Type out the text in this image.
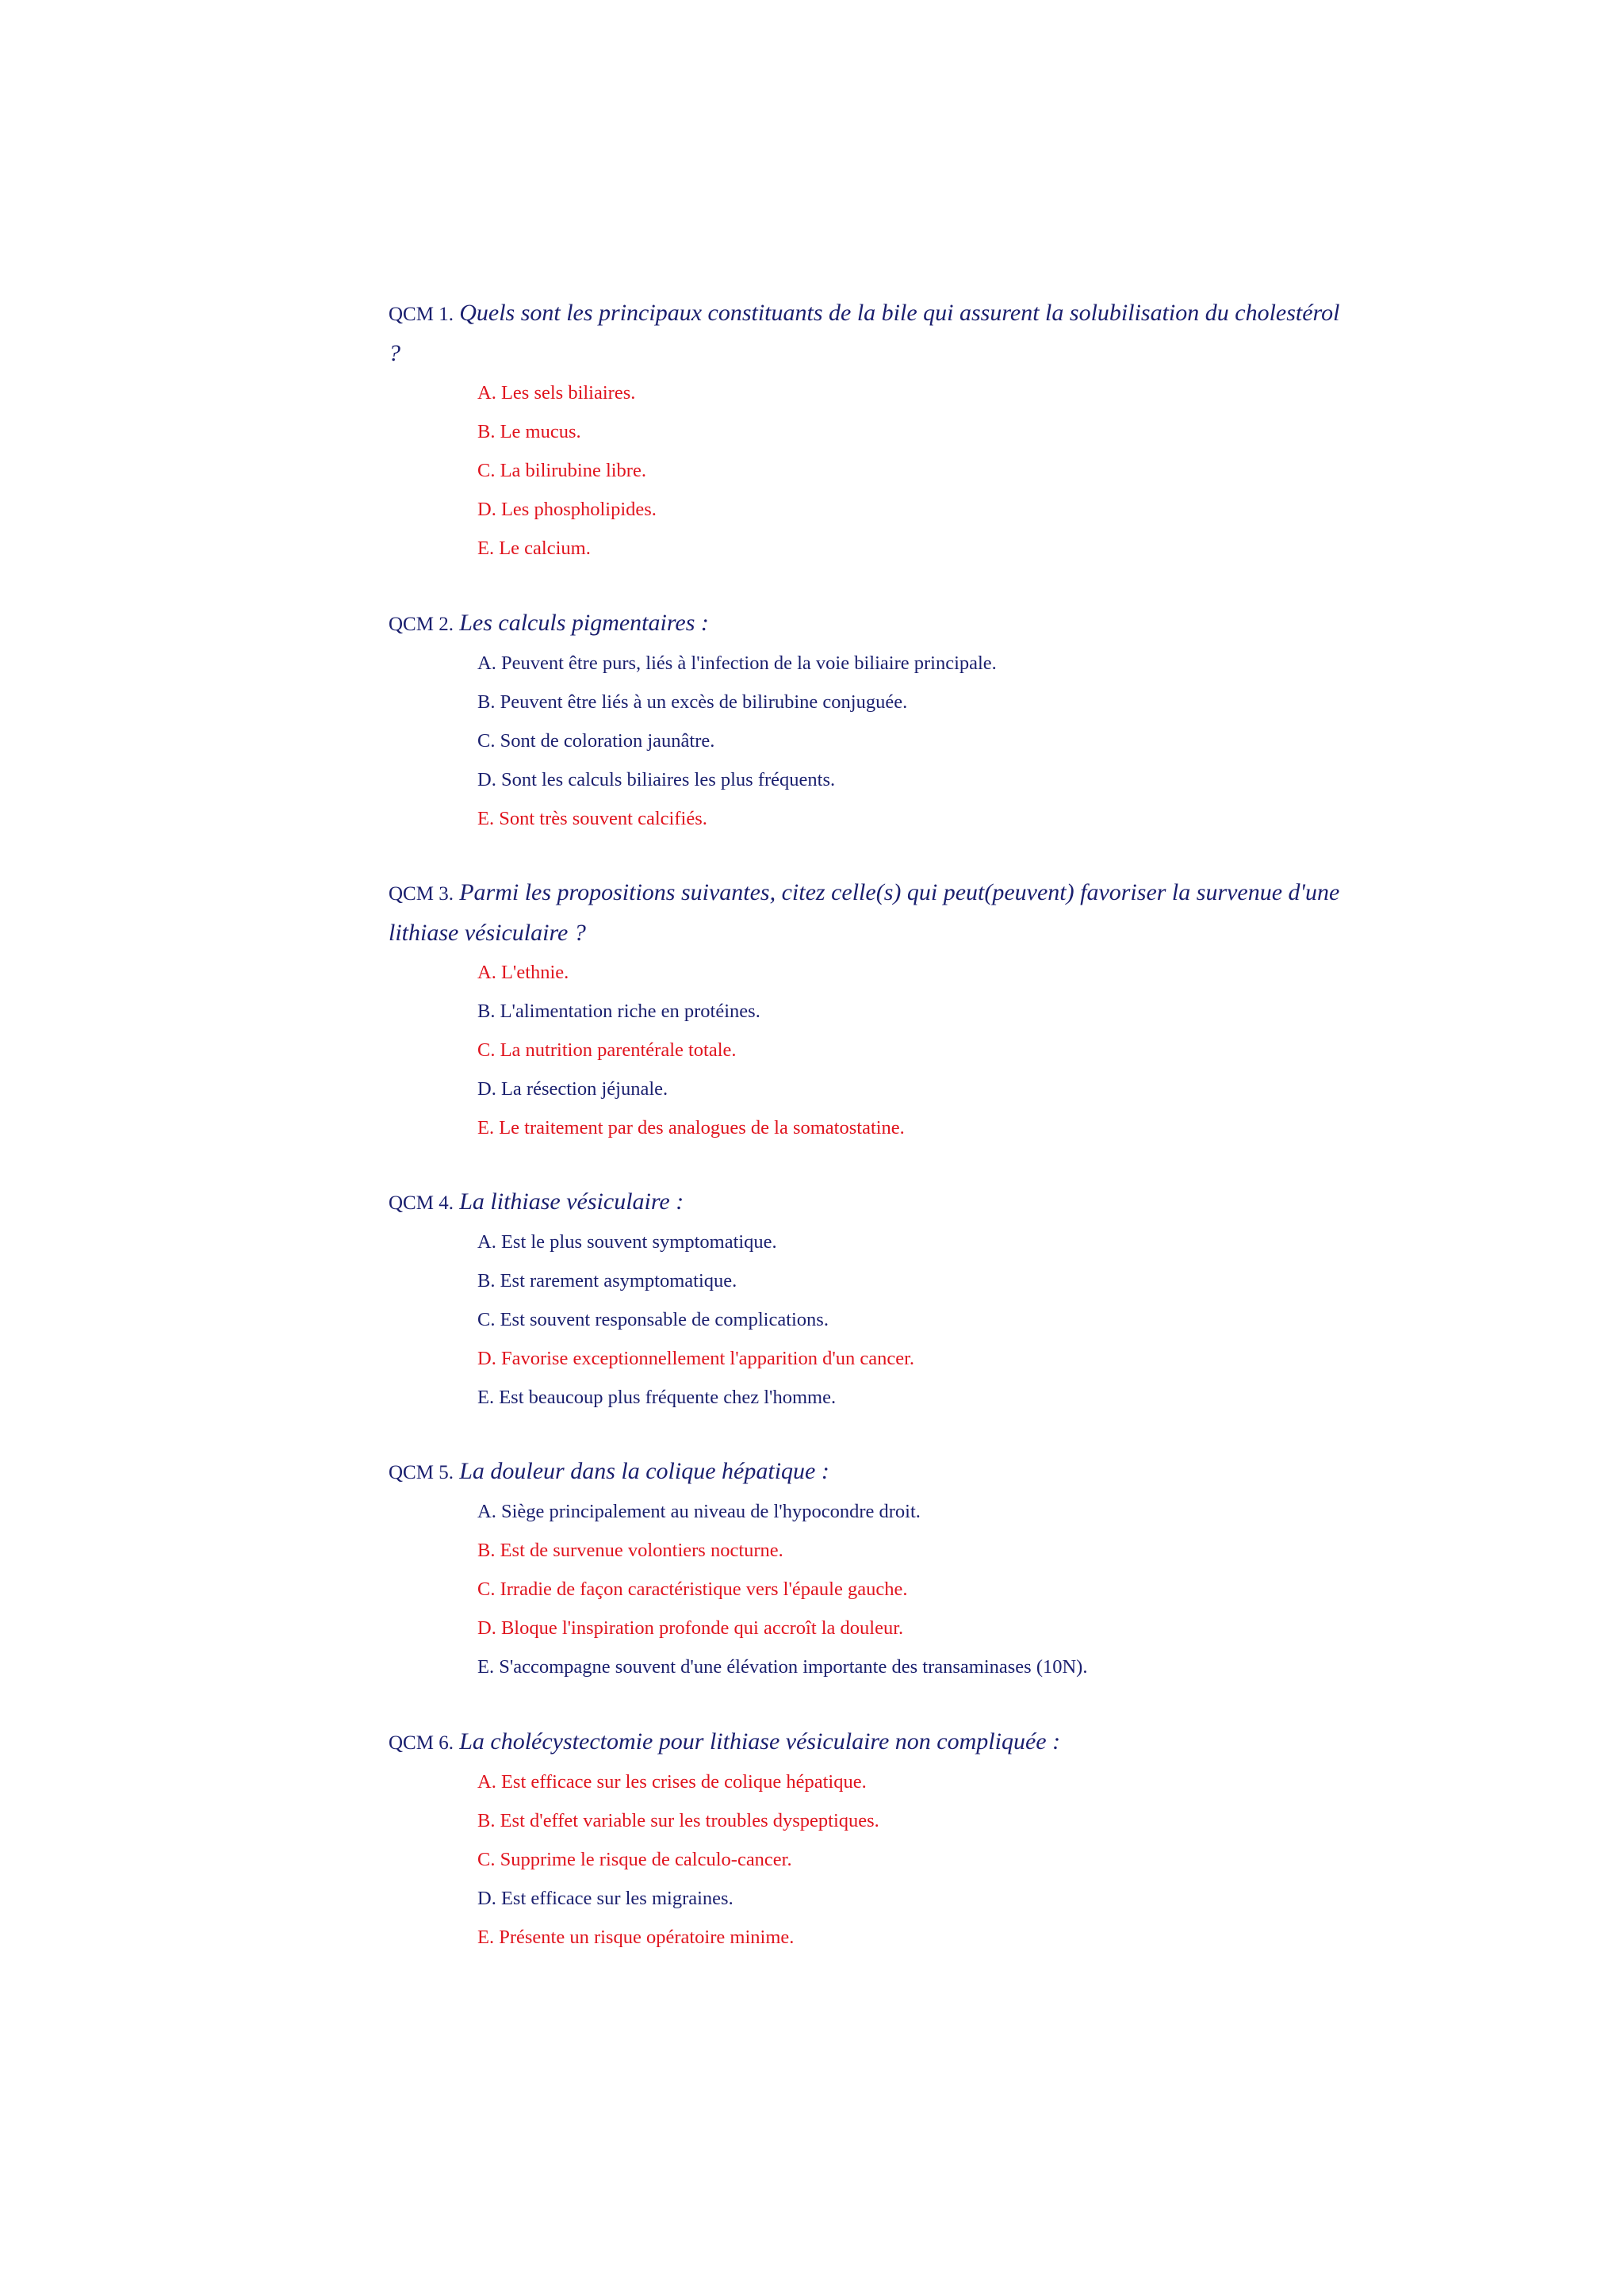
QCM 1. Quels sont les principaux constituants de la bile qui assurent la solubilisation du cholestérol ?

A. Les sels biliaires.
B. Le mucus.
C. La bilirubine libre.
D. Les phospholipides.
E. Le calcium.

QCM 2. Les calculs pigmentaires :

A. Peuvent être purs, liés à l'infection de la voie biliaire principale.
B. Peuvent être liés à un excès de bilirubine conjuguée.
C. Sont de coloration jaunâtre.
D. Sont les calculs biliaires les plus fréquents.
E. Sont très souvent calcifiés.

QCM 3. Parmi les propositions suivantes, citez celle(s) qui peut(peuvent) favoriser la survenue d'une lithiase vésiculaire ?

A. L'ethnie.
B. L'alimentation riche en protéines.
C. La nutrition parentérale totale.
D. La résection jéjunale.
E. Le traitement par des analogues de la somatostatine.

QCM 4. La lithiase vésiculaire :

A. Est le plus souvent symptomatique.
B. Est rarement asymptomatique.
C. Est souvent responsable de complications.
D. Favorise exceptionnellement l'apparition d'un cancer.
E. Est beaucoup plus fréquente chez l'homme.

QCM 5. La douleur dans la colique hépatique :

A. Siège principalement au niveau de l'hypocondre droit.
B. Est de survenue volontiers nocturne.
C. Irradie de façon caractéristique vers l'épaule gauche.
D. Bloque l'inspiration profonde qui accroît la douleur.
E. S'accompagne souvent d'une élévation importante des transaminases (10N).

QCM 6. La cholécystectomie pour lithiase vésiculaire non compliquée :

A. Est efficace sur les crises de colique hépatique.
B. Est d'effet variable sur les troubles dyspeptiques.
C. Supprime le risque de calculo-cancer.
D. Est efficace sur les migraines.
E. Présente un risque opératoire minime.
